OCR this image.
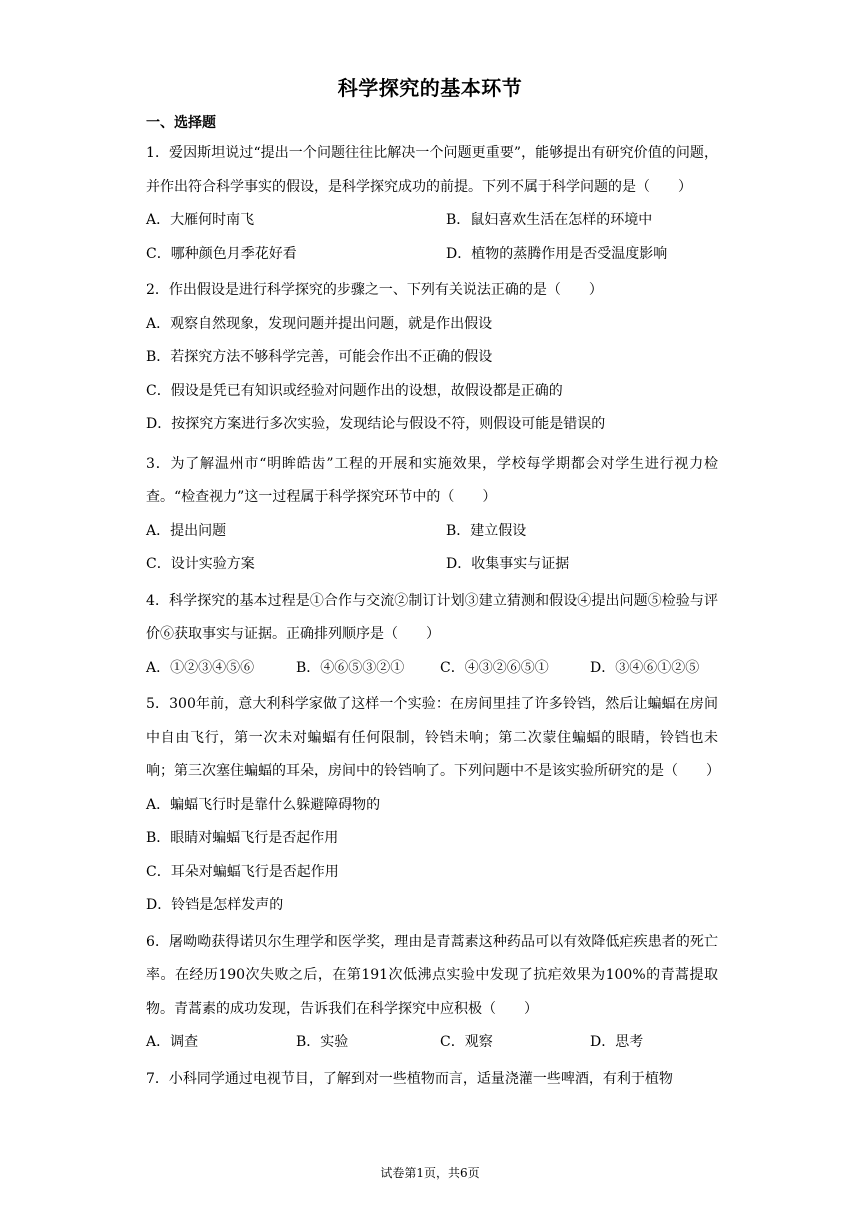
科学探究的基本环节
一、选择题
1．爱因斯坦说过“提出一个问题往往比解决一个问题更重要”，能够提出有研究价值的问题，并作出符合科学事实的假设，是科学探究成功的前提。下列不属于科学问题的是（　　）
A．大雁何时南飞	B．鼠妇喜欢生活在怎样的环境中
C．哪种颜色月季花好看	D．植物的蒸腾作用是否受温度影响
2．作出假设是进行科学探究的步骤之一、下列有关说法正确的是（　　）
A．观察自然现象，发现问题并提出问题，就是作出假设
B．若探究方法不够科学完善，可能会作出不正确的假设
C．假设是凭已有知识或经验对问题作出的设想，故假设都是正确的
D．按探究方案进行多次实验，发现结论与假设不符，则假设可能是错误的
3．为了解温州市“明眸皓齿”工程的开展和实施效果，学校每学期都会对学生进行视力检查。“检查视力”这一过程属于科学探究环节中的（　　）
A．提出问题	B．建立假设
C．设计实验方案	D．收集事实与证据
4．科学探究的基本过程是①合作与交流②制订计划③建立猜测和假设④提出问题⑤检验与评价⑥获取事实与证据。正确排列顺序是（　　）
A．①②③④⑤⑥	B．④⑥⑤③②①	C．④③②⑥⑤①	D．③④⑥①②⑤
5．300年前，意大利科学家做了这样一个实验：在房间里挂了许多铃铛，然后让蝙蝠在房间中自由飞行，第一次未对蝙蝠有任何限制，铃铛未响；第二次蒙住蝙蝠的眼睛，铃铛也未响；第三次塞住蝙蝠的耳朵，房间中的铃铛响了。下列问题中不是该实验所研究的是（　　）
A．蝙蝠飞行时是靠什么躲避障碍物的
B．眼睛对蝙蝠飞行是否起作用
C．耳朵对蝙蝠飞行是否起作用
D．铃铛是怎样发声的
6．屠呦呦获得诺贝尔生理学和医学奖，理由是青蒿素这种药品可以有效降低疟疾患者的死亡率。在经历190次失败之后，在第191次低沸点实验中发现了抗疟效果为100%的青蒿提取物。青蒿素的成功发现，告诉我们在科学探究中应积极（　　）
A．调查	B．实验	C．观察	D．思考
7．小科同学通过电视节目，了解到对一些植物而言，适量浇灌一些啤酒，有利于植物
试卷第1页，共6页
